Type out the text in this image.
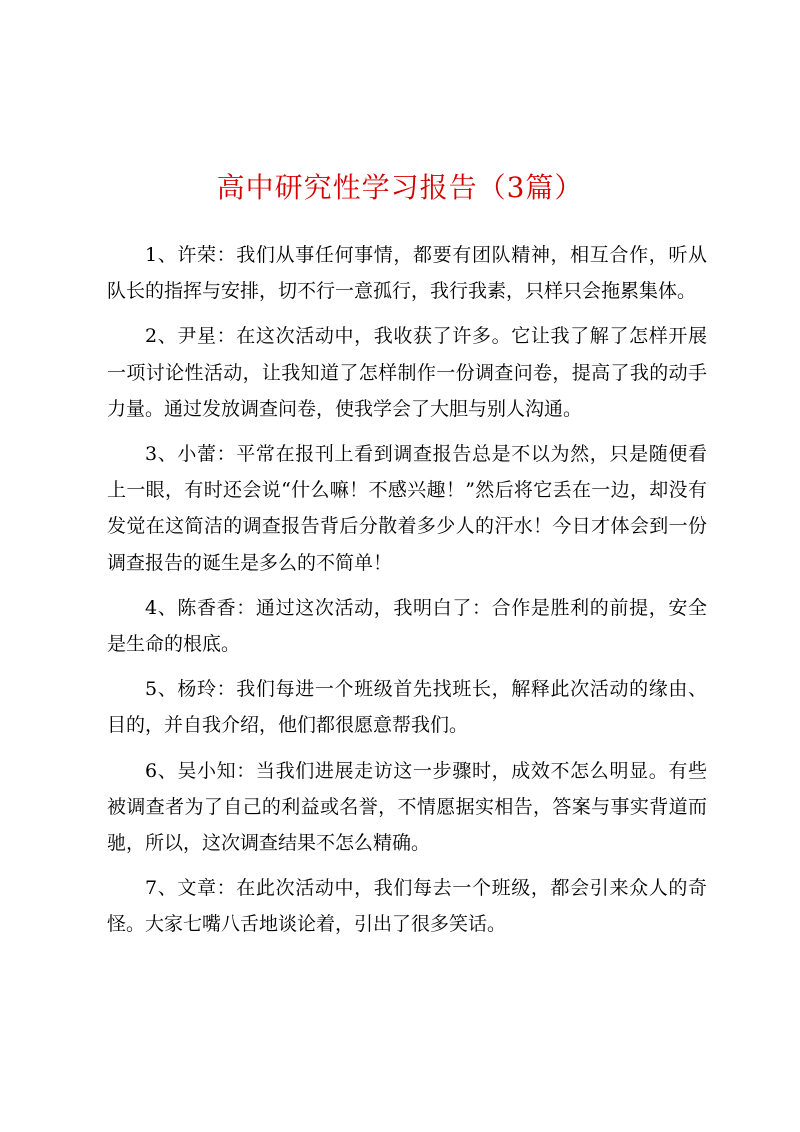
高中研究性学习报告（3篇）

1、许荣：我们从事任何事情，都要有团队精神，相互合作，听从队长的指挥与安排，切不行一意孤行，我行我素，只样只会拖累集体。

2、尹星：在这次活动中，我收获了许多。它让我了解了怎样开展一项讨论性活动，让我知道了怎样制作一份调查问卷，提高了我的动手力量。通过发放调查问卷，使我学会了大胆与别人沟通。

3、小蕾：平常在报刊上看到调查报告总是不以为然，只是随便看上一眼，有时还会说“什么嘛！不感兴趣！”然后将它丢在一边，却没有发觉在这简洁的调查报告背后分散着多少人的汗水！今日才体会到一份调查报告的诞生是多么的不简单！

4、陈香香：通过这次活动，我明白了：合作是胜利的前提，安全是生命的根底。

5、杨玲：我们每进一个班级首先找班长，解释此次活动的缘由、目的，并自我介绍，他们都很愿意帮我们。

6、吴小知：当我们进展走访这一步骤时，成效不怎么明显。有些被调查者为了自己的利益或名誉，不情愿据实相告，答案与事实背道而驰，所以，这次调查结果不怎么精确。

7、文章：在此次活动中，我们每去一个班级，都会引来众人的奇怪。大家七嘴八舌地谈论着，引出了很多笑话。
